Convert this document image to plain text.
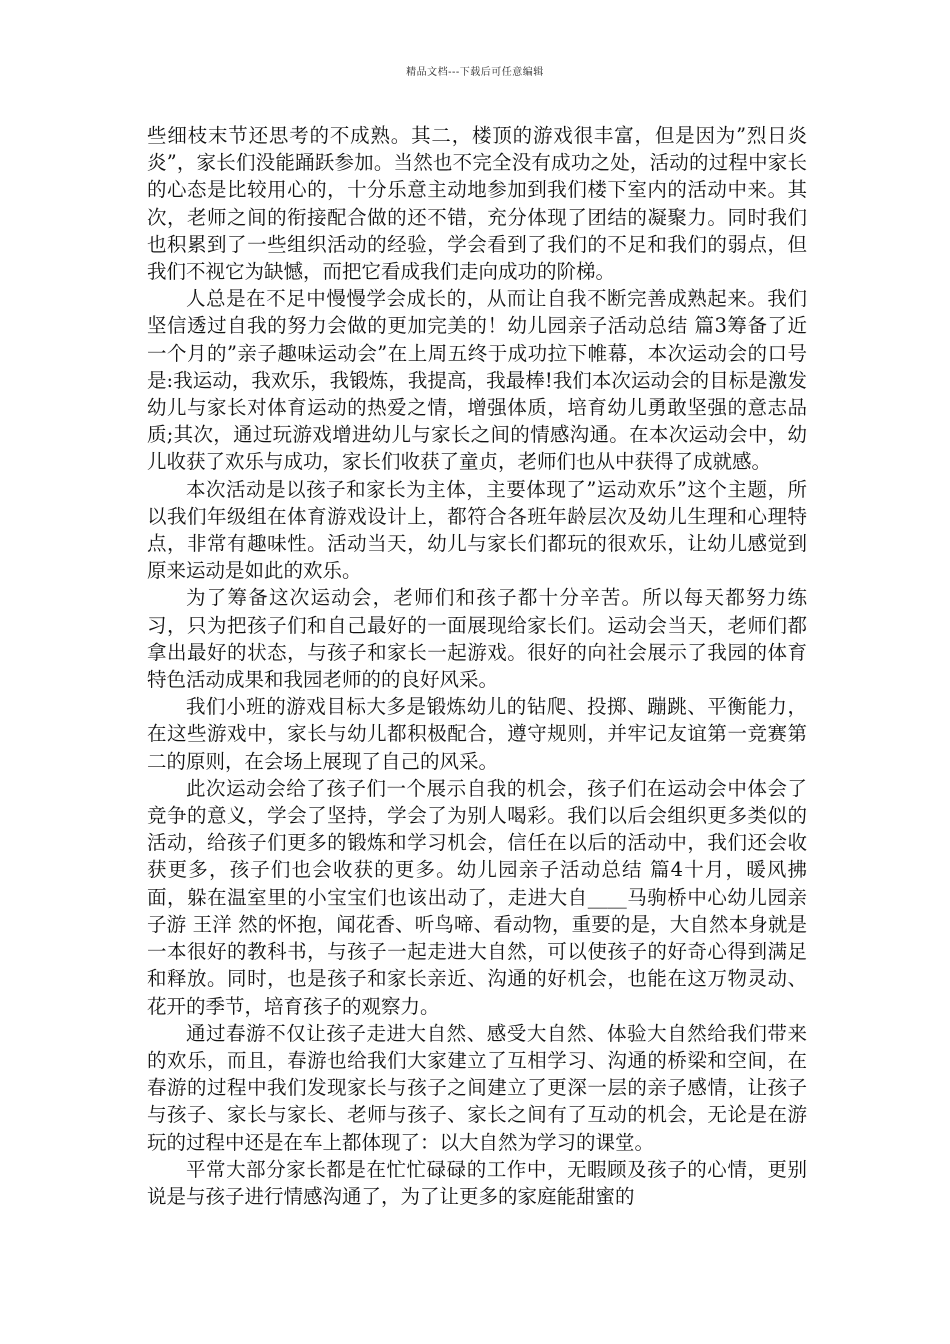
精品文档---下载后可任意编辑

些细枝末节还思考的不成熟。其二，楼顶的游戏很丰富，但是因为”烈日炎炎”，家长们没能踊跃参加。当然也不完全没有成功之处，活动的过程中家长的心态是比较用心的，十分乐意主动地参加到我们楼下室内的活动中来。其次，老师之间的衔接配合做的还不错，充分体现了团结的凝聚力。同时我们也积累到了一些组织活动的经验，学会看到了我们的不足和我们的弱点，但我们不视它为缺憾，而把它看成我们走向成功的阶梯。

人总是在不足中慢慢学会成长的，从而让自我不断完善成熟起来。我们坚信透过自我的努力会做的更加完美的！幼儿园亲子活动总结 篇3筹备了近一个月的”亲子趣味运动会”在上周五终于成功拉下帷幕，本次运动会的口号是:我运动，我欢乐，我锻炼，我提高，我最棒!我们本次运动会的目标是激发幼儿与家长对体育运动的热爱之情，增强体质，培育幼儿勇敢坚强的意志品质;其次，通过玩游戏增进幼儿与家长之间的情感沟通。在本次运动会中，幼儿收获了欢乐与成功，家长们收获了童贞，老师们也从中获得了成就感。

本次活动是以孩子和家长为主体，主要体现了”运动欢乐”这个主题，所以我们年级组在体育游戏设计上，都符合各班年龄层次及幼儿生理和心理特点，非常有趣味性。活动当天，幼儿与家长们都玩的很欢乐，让幼儿感觉到原来运动是如此的欢乐。

为了筹备这次运动会，老师们和孩子都十分辛苦。所以每天都努力练习，只为把孩子们和自己最好的一面展现给家长们。运动会当天，老师们都拿出最好的状态，与孩子和家长一起游戏。很好的向社会展示了我园的体育特色活动成果和我园老师的的良好风采。

我们小班的游戏目标大多是锻炼幼儿的钻爬、投掷、蹦跳、平衡能力，在这些游戏中，家长与幼儿都积极配合，遵守规则，并牢记友谊第一竞赛第二的原则，在会场上展现了自己的风采。

此次运动会给了孩子们一个展示自我的机会，孩子们在运动会中体会了竞争的意义，学会了坚持，学会了为别人喝彩。我们以后会组织更多类似的活动，给孩子们更多的锻炼和学习机会，信任在以后的活动中，我们还会收获更多，孩子们也会收获的更多。幼儿园亲子活动总结 篇4十月，暖风拂面，躲在温室里的小宝宝们也该出动了，走进大自____马驹桥中心幼儿园亲子游 王洋 然的怀抱，闻花香、听鸟啼、看动物，重要的是，大自然本身就是一本很好的教科书，与孩子一起走进大自然，可以使孩子的好奇心得到满足和释放。同时，也是孩子和家长亲近、沟通的好机会，也能在这万物灵动、花开的季节，培育孩子的观察力。

通过春游不仅让孩子走进大自然、感受大自然、体验大自然给我们带来的欢乐，而且，春游也给我们大家建立了互相学习、沟通的桥梁和空间，在春游的过程中我们发现家长与孩子之间建立了更深一层的亲子感情，让孩子与孩子、家长与家长、老师与孩子、家长之间有了互动的机会，无论是在游玩的过程中还是在车上都体现了：以大自然为学习的课堂。

平常大部分家长都是在忙忙碌碌的工作中，无暇顾及孩子的心情，更别说是与孩子进行情感沟通了，为了让更多的家庭能甜蜜的
